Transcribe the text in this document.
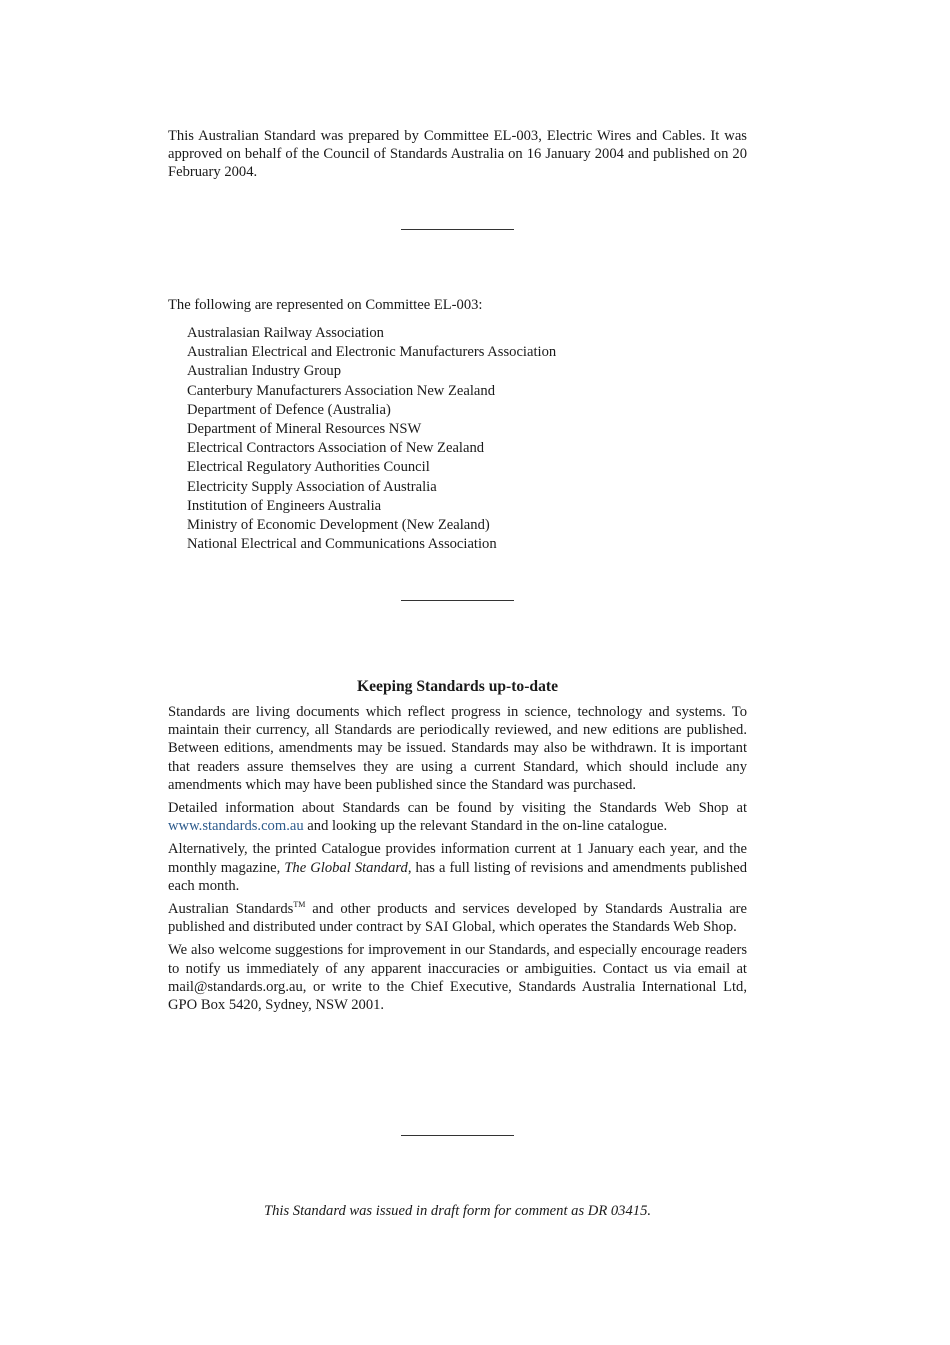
This Australian Standard was prepared by Committee EL-003, Electric Wires and Cables. It was approved on behalf of the Council of Standards Australia on 16 January 2004 and published on 20 February 2004.
The following are represented on Committee EL-003:
Australasian Railway Association
Australian Electrical and Electronic Manufacturers Association
Australian Industry Group
Canterbury Manufacturers Association New Zealand
Department of Defence (Australia)
Department of Mineral Resources NSW
Electrical Contractors Association of New Zealand
Electrical Regulatory Authorities Council
Electricity Supply Association of Australia
Institution of Engineers Australia
Ministry of Economic Development (New Zealand)
National Electrical and Communications Association
Keeping Standards up-to-date

Standards are living documents which reflect progress in science, technology and systems. To maintain their currency, all Standards are periodically reviewed, and new editions are published. Between editions, amendments may be issued. Standards may also be withdrawn. It is important that readers assure themselves they are using a current Standard, which should include any amendments which may have been published since the Standard was purchased.

Detailed information about Standards can be found by visiting the Standards Web Shop at www.standards.com.au and looking up the relevant Standard in the on-line catalogue.

Alternatively, the printed Catalogue provides information current at 1 January each year, and the monthly magazine, The Global Standard, has a full listing of revisions and amendments published each month.

Australian Standards™ and other products and services developed by Standards Australia are published and distributed under contract by SAI Global, which operates the Standards Web Shop.

We also welcome suggestions for improvement in our Standards, and especially encourage readers to notify us immediately of any apparent inaccuracies or ambiguities. Contact us via email at mail@standards.org.au, or write to the Chief Executive, Standards Australia International Ltd, GPO Box 5420, Sydney, NSW 2001.

This Standard was issued in draft form for comment as DR 03415.
